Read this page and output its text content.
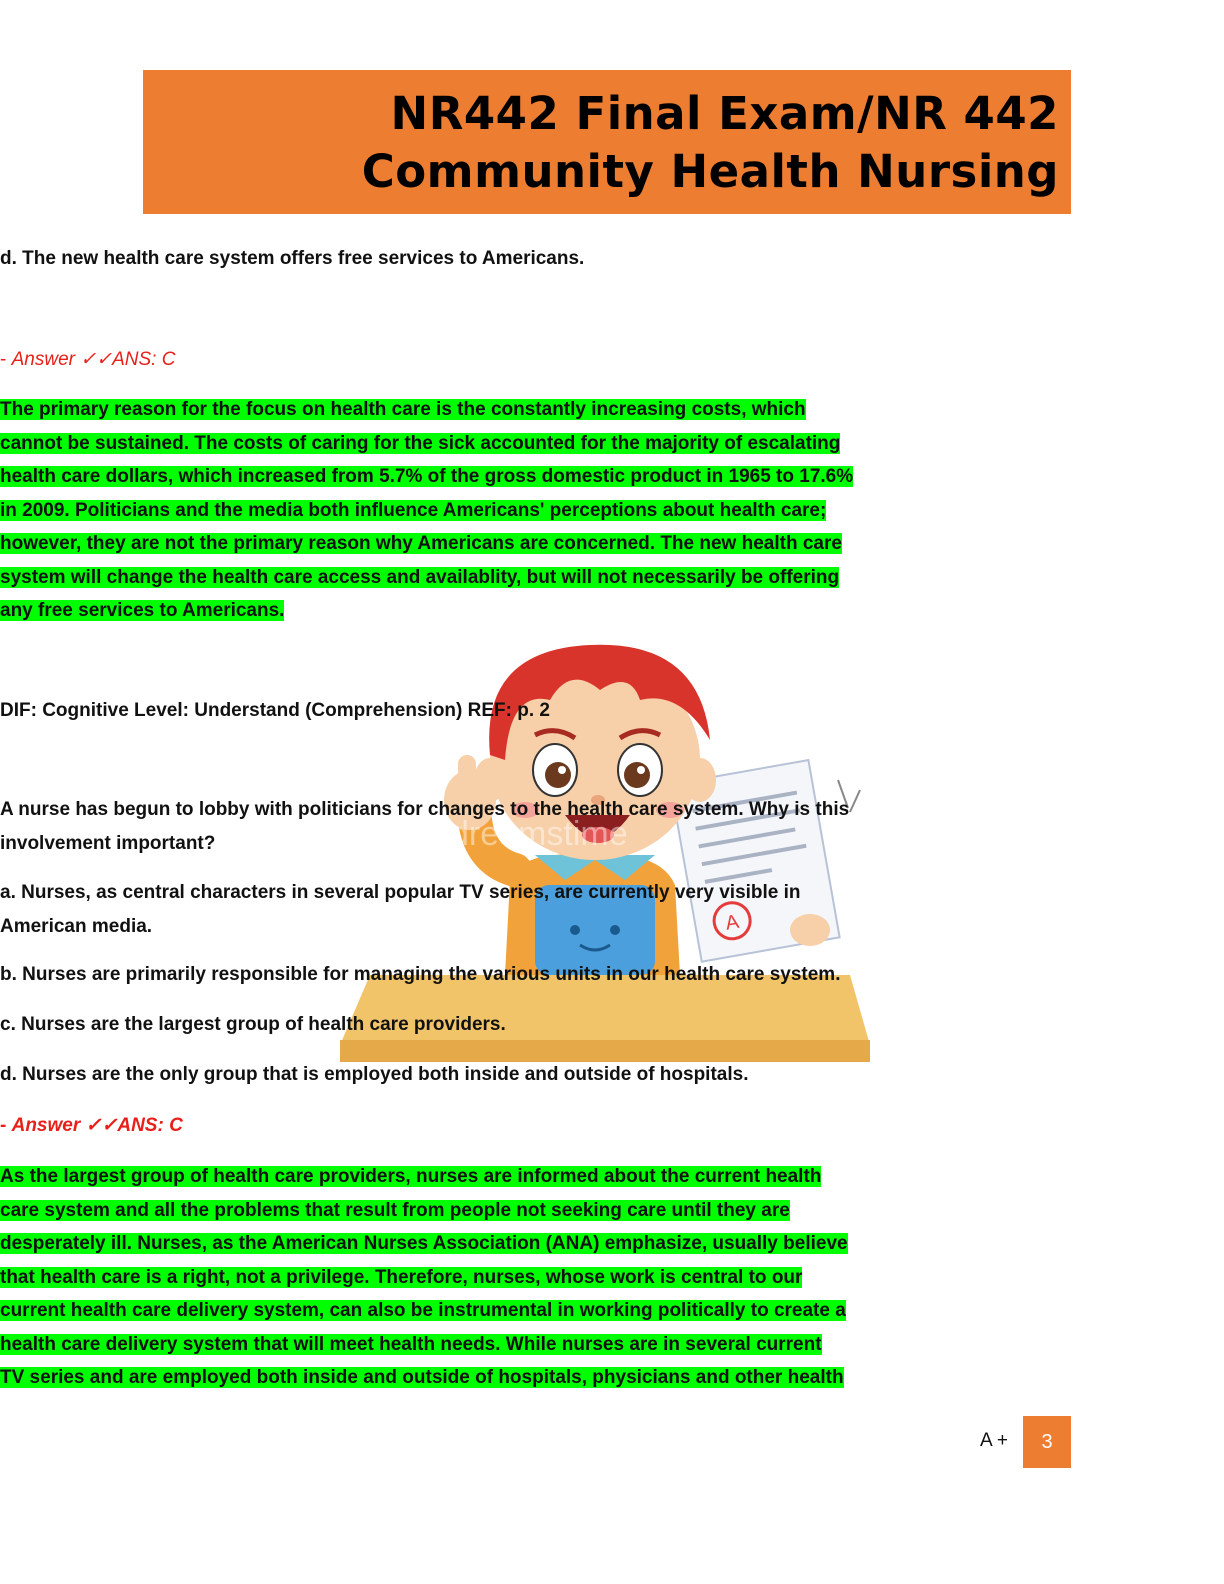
NR442 Final Exam/NR 442
Community Health Nursing
A
dreamstime

d. The new health care system offers free services to Americans.

- Answer ✓✓ANS: C

The primary reason for the focus on health care is the constantly increasing costs, which
cannot be sustained. The costs of caring for the sick accounted for the majority of escalating
health care dollars, which increased from 5.7% of the gross domestic product in 1965 to 17.6%
in 2009. Politicians and the media both influence Americans' perceptions about health care;
however, they are not the primary reason why Americans are concerned. The new health care
system will change the health care access and availablity, but will not necessarily be offering
any free services to Americans.

DIF: Cognitive Level: Understand (Comprehension) REF: p. 2

A nurse has begun to lobby with politicians for changes to the health care system. Why is this
involvement important?
a. Nurses, as central characters in several popular TV series, are currently very visible in
American media.

b. Nurses are primarily responsible for managing the various units in our health care system.

c. Nurses are the largest group of health care providers.

d. Nurses are the only group that is employed both inside and outside of hospitals.

- Answer ✓✓ANS: C

As the largest group of health care providers, nurses are informed about the current health
care system and all the problems that result from people not seeking care until they are
desperately ill. Nurses, as the American Nurses Association (ANA) emphasize, usually believe
that health care is a right, not a privilege. Therefore, nurses, whose work is central to our
current health care delivery system, can also be instrumental in working politically to create a
health care delivery system that will meet health needs. While nurses are in several current
TV series and are employed both inside and outside of hospitals, physicians and other health
A +	3
